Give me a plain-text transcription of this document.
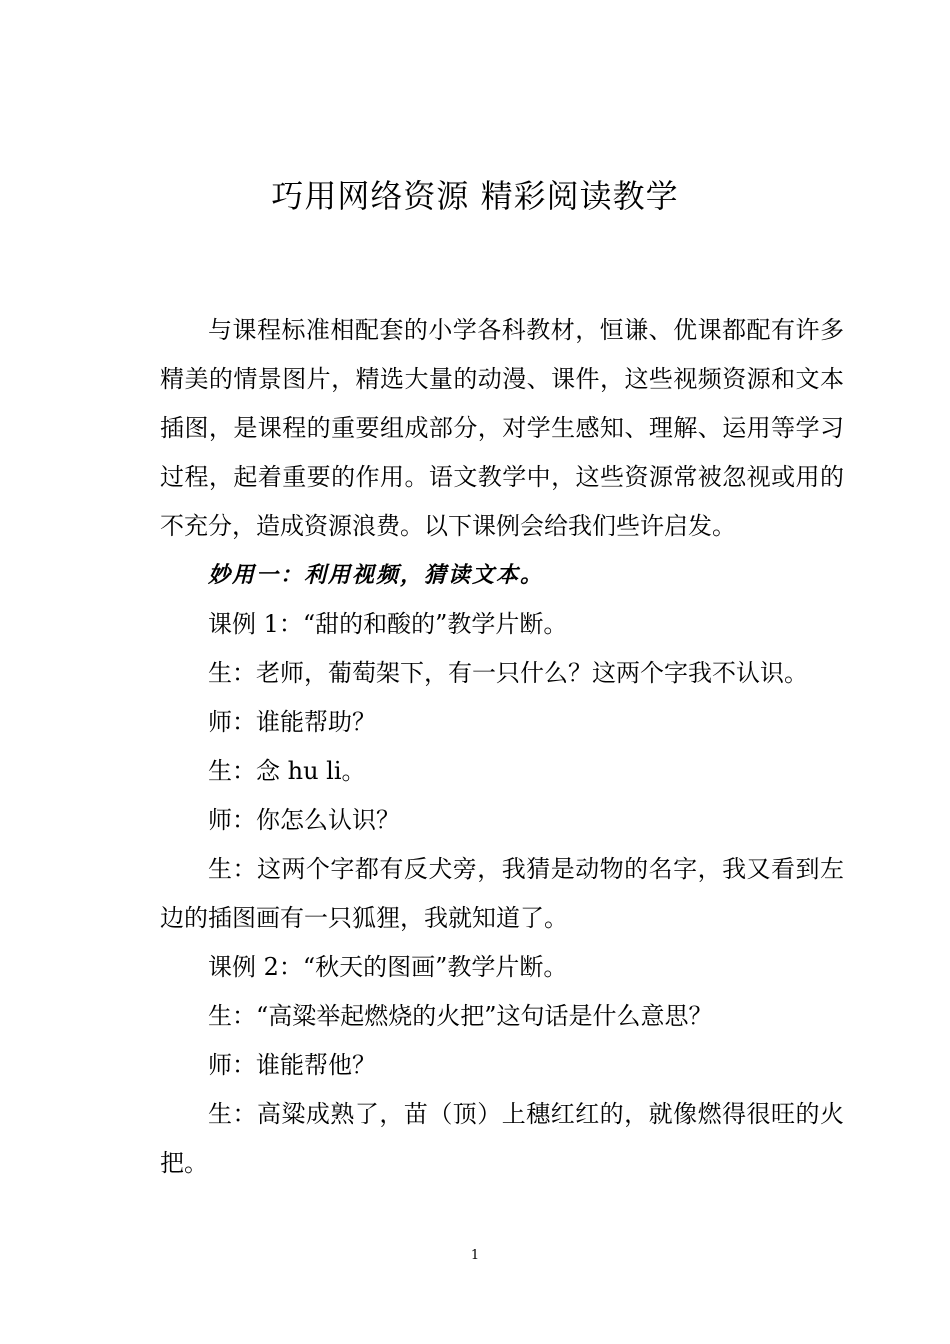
巧用网络资源 精彩阅读教学

与课程标准相配套的小学各科教材，恒谦、优课都配有许多精美的情景图片，精选大量的动漫、课件，这些视频资源和文本插图，是课程的重要组成部分，对学生感知、理解、运用等学习过程，起着重要的作用。语文教学中，这些资源常被忽视或用的不充分，造成资源浪费。以下课例会给我们些许启发。

妙用一：利用视频，猜读文本。

课例 1：“甜的和酸的”教学片断。

生：老师，葡萄架下，有一只什么？这两个字我不认识。

师：谁能帮助？

生：念 hu li。

师：你怎么认识？

生：这两个字都有反犬旁，我猜是动物的名字，我又看到左边的插图画有一只狐狸，我就知道了。

课例 2：“秋天的图画”教学片断。

生：“高粱举起燃烧的火把”这句话是什么意思？

师：谁能帮他？

生：高粱成熟了，苗（顶）上穗红红的，就像燃得很旺的火把。

1
